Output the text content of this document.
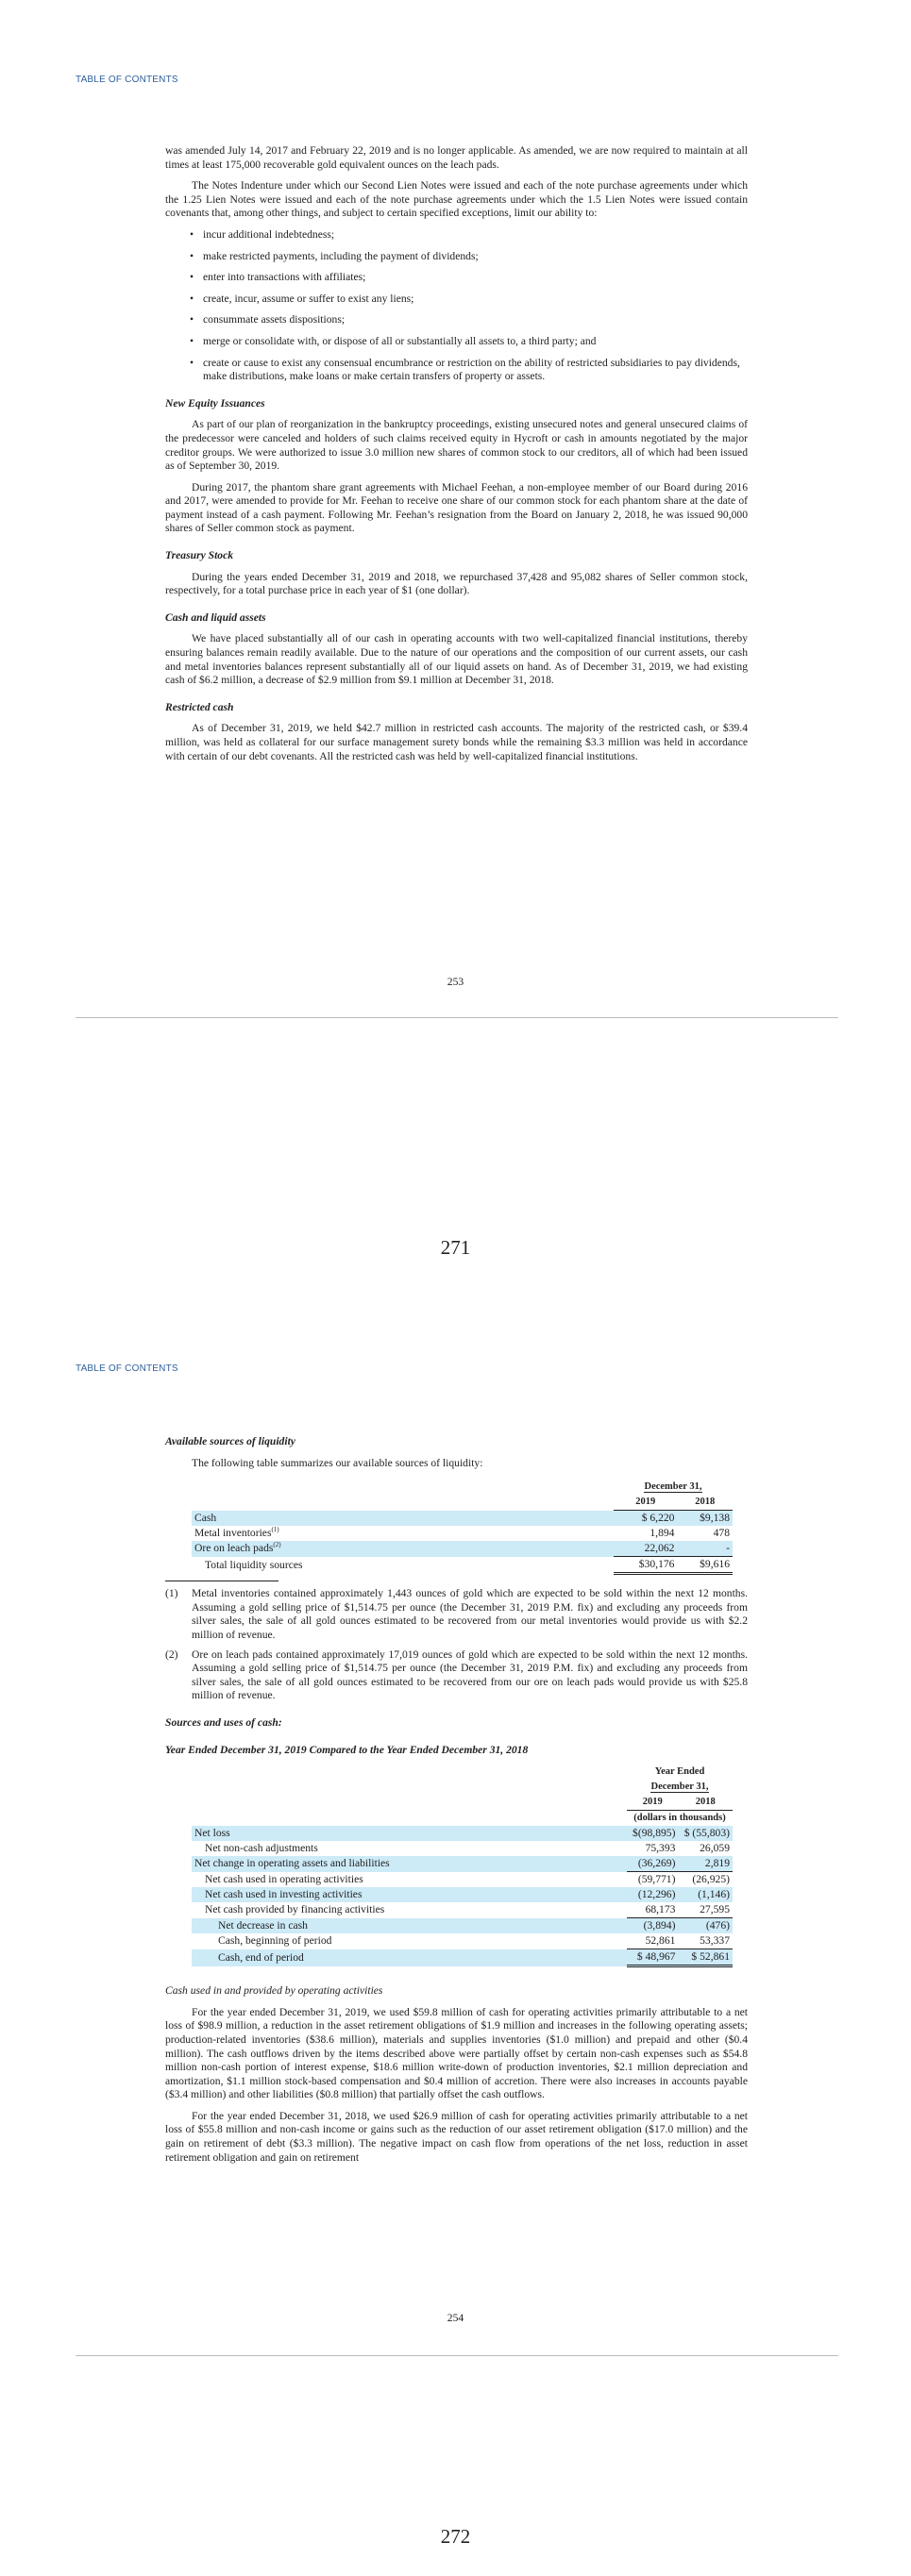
TABLE OF CONTENTS

was amended July 14, 2017 and February 22, 2019 and is no longer applicable. As amended, we are now required to maintain at all times at least 175,000 recoverable gold equivalent ounces on the leach pads.

The Notes Indenture under which our Second Lien Notes were issued and each of the note purchase agreements under which the 1.25 Lien Notes were issued and each of the note purchase agreements under which the 1.5 Lien Notes were issued contain covenants that, among other things, and subject to certain specified exceptions, limit our ability to:

• incur additional indebtedness;
• make restricted payments, including the payment of dividends;
• enter into transactions with affiliates;
• create, incur, assume or suffer to exist any liens;
• consummate assets dispositions;
• merge or consolidate with, or dispose of all or substantially all assets to, a third party; and
• create or cause to exist any consensual encumbrance or restriction on the ability of restricted subsidiaries to pay dividends, make distributions, make loans or make certain transfers of property or assets.
New Equity Issuances

As part of our plan of reorganization in the bankruptcy proceedings, existing unsecured notes and general unsecured claims of the predecessor were canceled and holders of such claims received equity in Hycroft or cash in amounts negotiated by the major creditor groups. We were authorized to issue 3.0 million new shares of common stock to our creditors, all of which had been issued as of September 30, 2019.

During 2017, the phantom share grant agreements with Michael Feehan, a non-employee member of our Board during 2016 and 2017, were amended to provide for Mr. Feehan to receive one share of our common stock for each phantom share at the date of payment instead of a cash payment. Following Mr. Feehan’s resignation from the Board on January 2, 2018, he was issued 90,000 shares of Seller common stock as payment.

Treasury Stock

During the years ended December 31, 2019 and 2018, we repurchased 37,428 and 95,082 shares of Seller common stock, respectively, for a total purchase price in each year of $1 (one dollar).

Cash and liquid assets

We have placed substantially all of our cash in operating accounts with two well-capitalized financial institutions, thereby ensuring balances remain readily available. Due to the nature of our operations and the composition of our current assets, our cash and metal inventories balances represent substantially all of our liquid assets on hand. As of December 31, 2019, we had existing cash of $6.2 million, a decrease of $2.9 million from $9.1 million at December 31, 2018.

Restricted cash

As of December 31, 2019, we held $42.7 million in restricted cash accounts. The majority of the restricted cash, or $39.4 million, was held as collateral for our surface management surety bonds while the remaining $3.3 million was held in accordance with certain of our debt covenants. All the restricted cash was held by well-capitalized financial institutions.

253
271
TABLE OF CONTENTS
Available sources of liquidity

The following table summarizes our available sources of liquidity:

	December 31,	
	2019	2018
Cash	$ 6,220	$9,138
Metal inventories$^{(1)}$	1,894	478
Ore on leach pads$^{(2)}$	22,062	-
Total liquidity sources	$30,176	$9,616
(1)	Metal inventories contained approximately 1,443 ounces of gold which are expected to be sold within the next 12 months. Assuming a gold selling price of $1,514.75 per ounce (the December 31, 2019 P.M. fix) and excluding any proceeds from silver sales, the sale of all gold ounces estimated to be recovered from our metal inventories would provide us with $2.2 million of revenue.
(2)	Ore on leach pads contained approximately 17,019 ounces of gold which are expected to be sold within the next 12 months. Assuming a gold selling price of $1,514.75 per ounce (the December 31, 2019 P.M. fix) and excluding any proceeds from silver sales, the sale of all gold ounces estimated to be recovered from our ore on leach pads would provide us with $25.8 million of revenue.
Sources and uses of cash:
Year Ended December 31, 2019 Compared to the Year Ended December 31, 2018
	Year Ended	
	December 31,	
	2019	2018
	(dollars in thousands)	
Net loss	$(98,895)	$ (55,803)
Net non-cash adjustments	75,393	26,059
Net change in operating assets and liabilities	(36,269)	2,819
Net cash used in operating activities	(59,771)	(26,925)
Net cash used in investing activities	(12,296)	(1,146)
Net cash provided by financing activities	68,173	27,595
Net decrease in cash	(3,894)	(476)
Cash, beginning of period	52,861	53,337
Cash, end of period	$ 48,967	$ 52,861
Cash used in and provided by operating activities

For the year ended December 31, 2019, we used $59.8 million of cash for operating activities primarily attributable to a net loss of $98.9 million, a reduction in the asset retirement obligations of $1.9 million and increases in the following operating assets; production-related inventories ($38.6 million), materials and supplies inventories ($1.0 million) and prepaid and other ($0.4 million). The cash outflows driven by the items described above were partially offset by certain non-cash expenses such as $54.8 million non-cash portion of interest expense, $18.6 million write-down of production inventories, $2.1 million depreciation and amortization, $1.1 million stock-based compensation and $0.4 million of accretion. There were also increases in accounts payable ($3.4 million) and other liabilities ($0.8 million) that partially offset the cash outflows.

For the year ended December 31, 2018, we used $26.9 million of cash for operating activities primarily attributable to a net loss of $55.8 million and non-cash income or gains such as the reduction of our asset retirement obligation ($17.0 million) and the gain on retirement of debt ($3.3 million). The negative impact on cash flow from operations of the net loss, reduction in asset retirement obligation and gain on retirement

254
272
